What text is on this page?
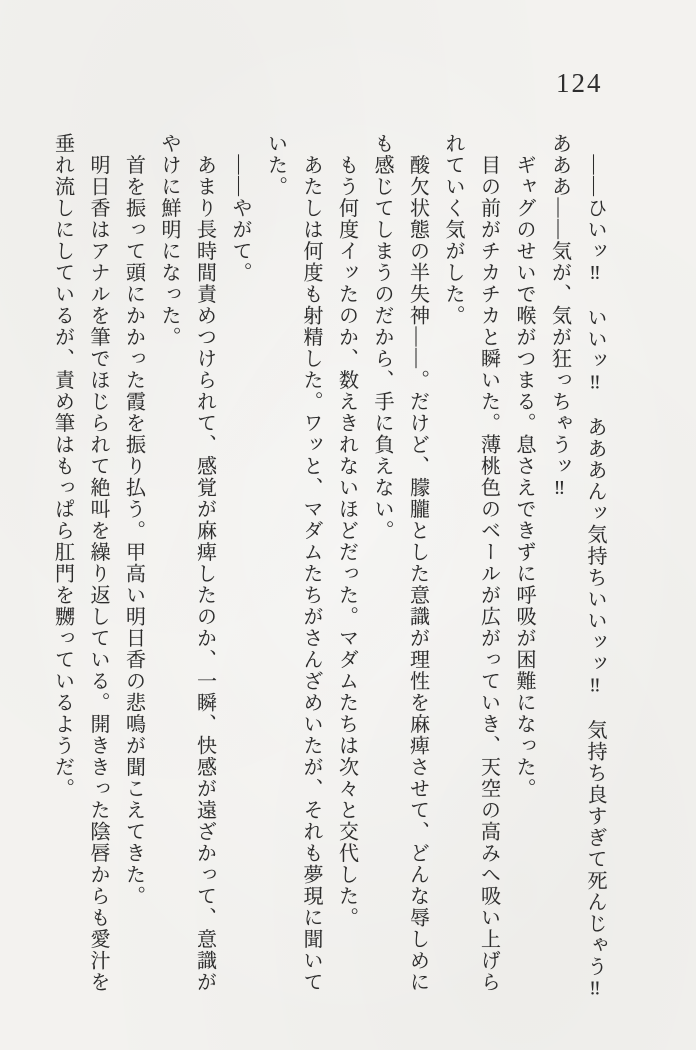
124

　――ひいッ‼　いいッ‼　あああんッ気持ちいいッッ‼　気持ち良すぎて死んじゃう‼

あああ――気が、気が狂っちゃうッ‼

　ギャグのせいで喉がつまる。息さえできずに呼吸が困難になった。

　目の前がチカチカと瞬いた。薄桃色のベールが広がっていき、天空の高みへ吸い上げら

れていく気がした。

　酸欠状態の半失神――。だけど、朦朧とした意識が理性を麻痺させて、どんな辱しめに

も感じてしまうのだから、手に負えない。

　もう何度イッたのか、数えきれないほどだった。マダムたちは次々と交代した。

　あたしは何度も射精した。ワッと、マダムたちがさんざめいたが、それも夢現に聞いて

いた。

　――やがて。

　あまり長時間責めつけられて、感覚が麻痺したのか、一瞬、快感が遠ざかって、意識が

やけに鮮明になった。

　首を振って頭にかかった霞を振り払う。甲高い明日香の悲鳴が聞こえてきた。

　明日香はアナルを筆でほじられて絶叫を繰り返している。開ききった陰唇からも愛汁を

垂れ流しにしているが、責め筆はもっぱら肛門を嬲っているようだ。
